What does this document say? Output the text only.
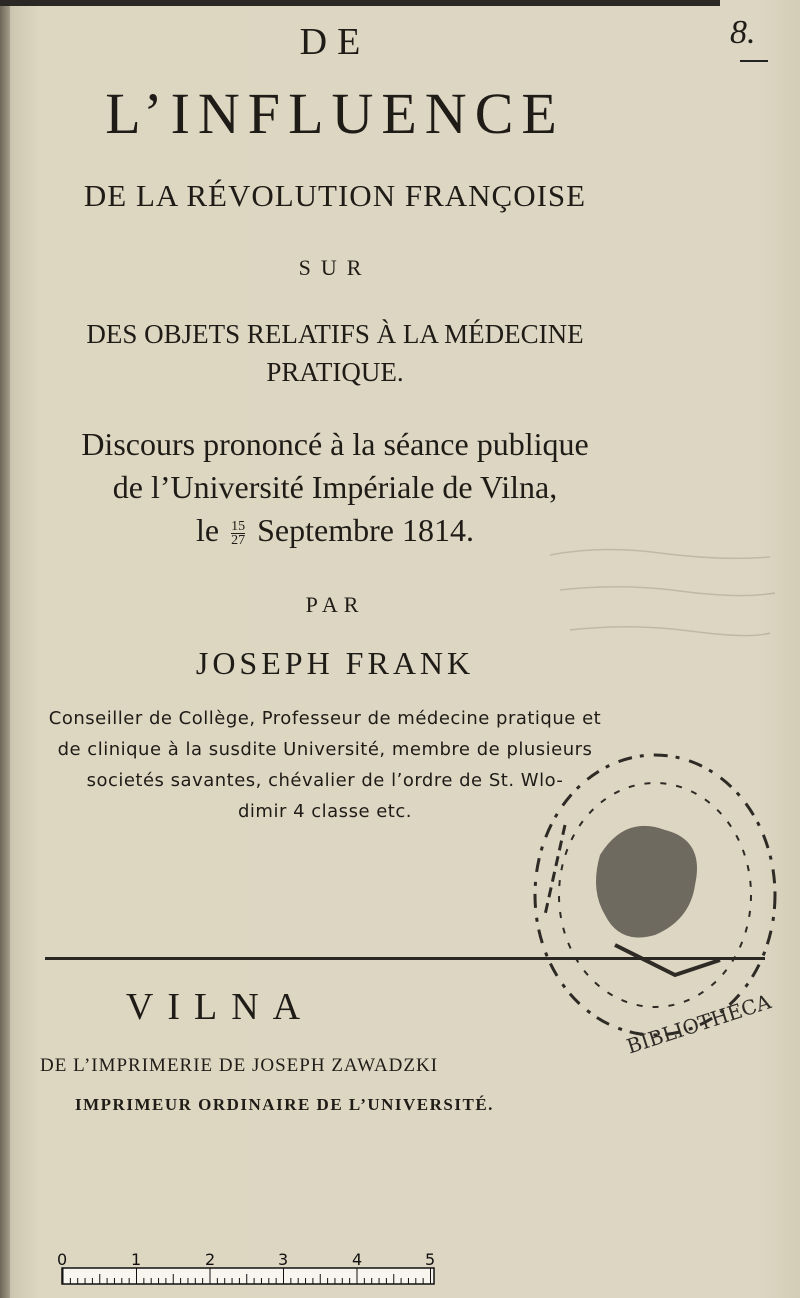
8.
DE
L’INFLUENCE
DE LA RÉVOLUTION FRANÇOISE
SUR
DES OBJETS RELATIFS À LA MÉDECINE
PRATIQUE.
Discours prononcé à la séance publique
de l’Université Impériale de Vilna,
le $\frac{15}{27}$ Septembre 1814.
PAR
JOSEPH FRANK
Conseiller de Collège, Professeur de médecine pratique et
de clinique à la susdite Université, membre de plusieurs
societés savantes, chévalier de l’ordre de St. Wlo-
dimir 4 classe etc.
BIBLIOTHECA
VILNA
DE L’IMPRIMERIE DE JOSEPH ZAWADZKI
IMPRIMEUR ORDINAIRE DE L’UNIVERSITÉ.
0	1	2	3	4	5
